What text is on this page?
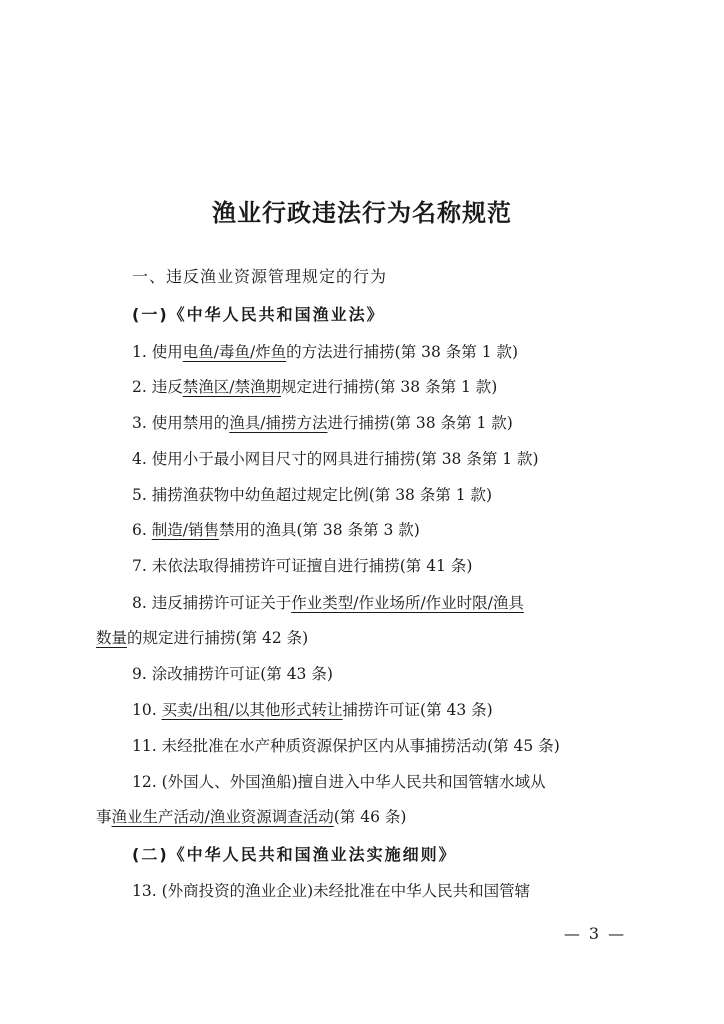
渔业行政违法行为名称规范
一、违反渔业资源管理规定的行为
(一)《中华人民共和国渔业法》
1. 使用电鱼/毒鱼/炸鱼的方法进行捕捞(第 38 条第 1 款)
2. 违反禁渔区/禁渔期规定进行捕捞(第 38 条第 1 款)
3. 使用禁用的渔具/捕捞方法进行捕捞(第 38 条第 1 款)
4. 使用小于最小网目尺寸的网具进行捕捞(第 38 条第 1 款)
5. 捕捞渔获物中幼鱼超过规定比例(第 38 条第 1 款)
6. 制造/销售禁用的渔具(第 38 条第 3 款)
7. 未依法取得捕捞许可证擅自进行捕捞(第 41 条)
8. 违反捕捞许可证关于作业类型/作业场所/作业时限/渔具
数量的规定进行捕捞(第 42 条)
9. 涂改捕捞许可证(第 43 条)
10. 买卖/出租/以其他形式转让捕捞许可证(第 43 条)
11. 未经批准在水产种质资源保护区内从事捕捞活动(第 45 条)
12. (外国人、外国渔船)擅自进入中华人民共和国管辖水域从
事渔业生产活动/渔业资源调查活动(第 46 条)
(二)《中华人民共和国渔业法实施细则》
13. (外商投资的渔业企业)未经批准在中华人民共和国管辖
— 3 —
